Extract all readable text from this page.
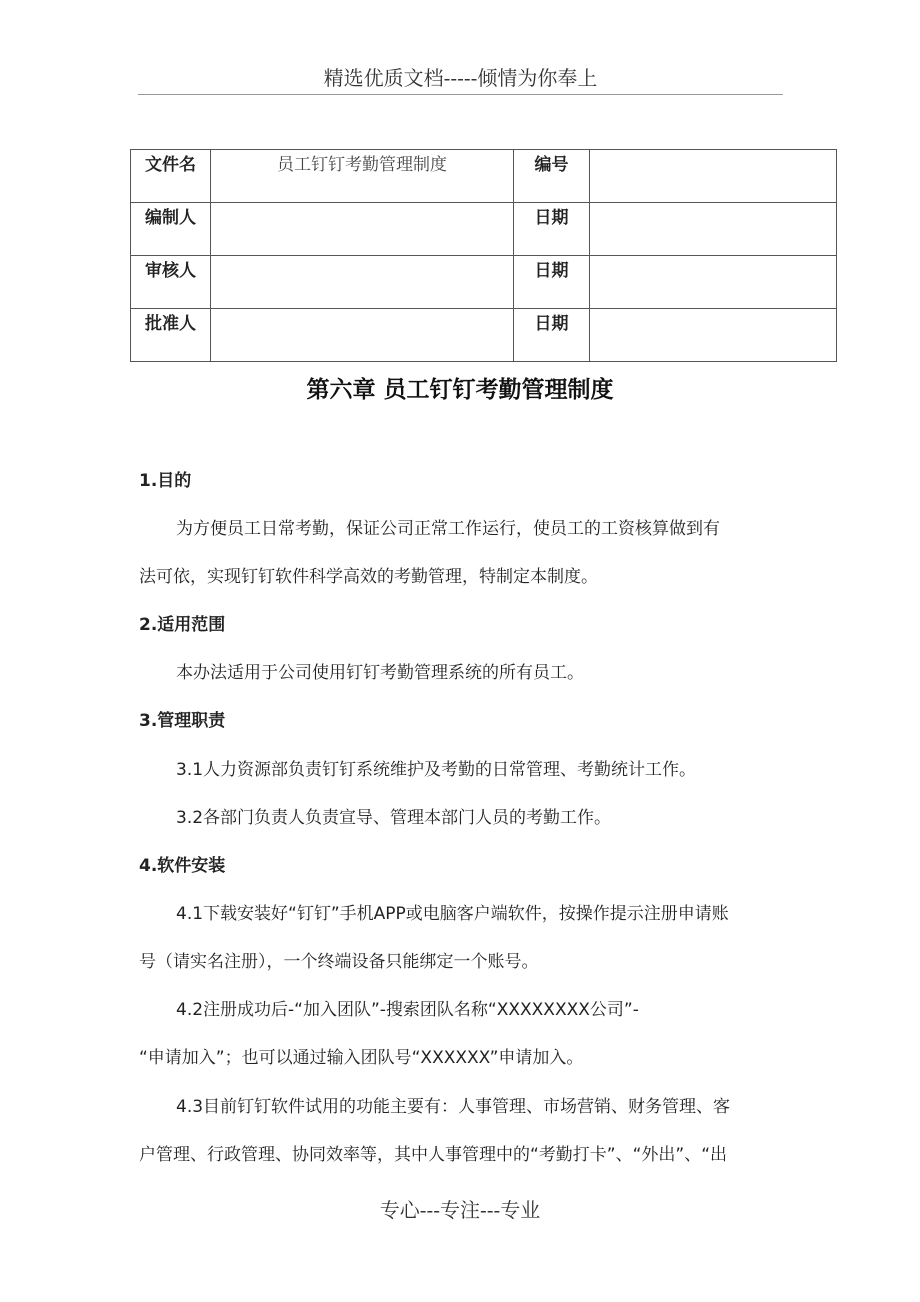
精选优质文档-----倾情为你奉上
文件名	员工钉钉考勤管理制度	编号	
编制人		日期	
审核人		日期	
批准人		日期	
第六章 员工钉钉考勤管理制度
1.目的
为方便员工日常考勤，保证公司正常工作运行，使员工的工资核算做到有
法可依，实现钉钉软件科学高效的考勤管理，特制定本制度。
2.适用范围
本办法适用于公司使用钉钉考勤管理系统的所有员工。
3.管理职责
3.1人力资源部负责钉钉系统维护及考勤的日常管理、考勤统计工作。
3.2各部门负责人负责宣导、管理本部门人员的考勤工作。
4.软件安装
4.1下载安装好“钉钉”手机APP或电脑客户端软件，按操作提示注册申请账
号（请实名注册），一个终端设备只能绑定一个账号。
4.2注册成功后-“加入团队”-搜索团队名称“XXXXXXXX公司”-
“申请加入”；也可以通过输入团队号“XXXXXX”申请加入。
4.3目前钉钉软件试用的功能主要有：人事管理、市场营销、财务管理、客
户管理、行政管理、协同效率等，其中人事管理中的“考勤打卡”、“外出”、“出
专心---专注---专业
